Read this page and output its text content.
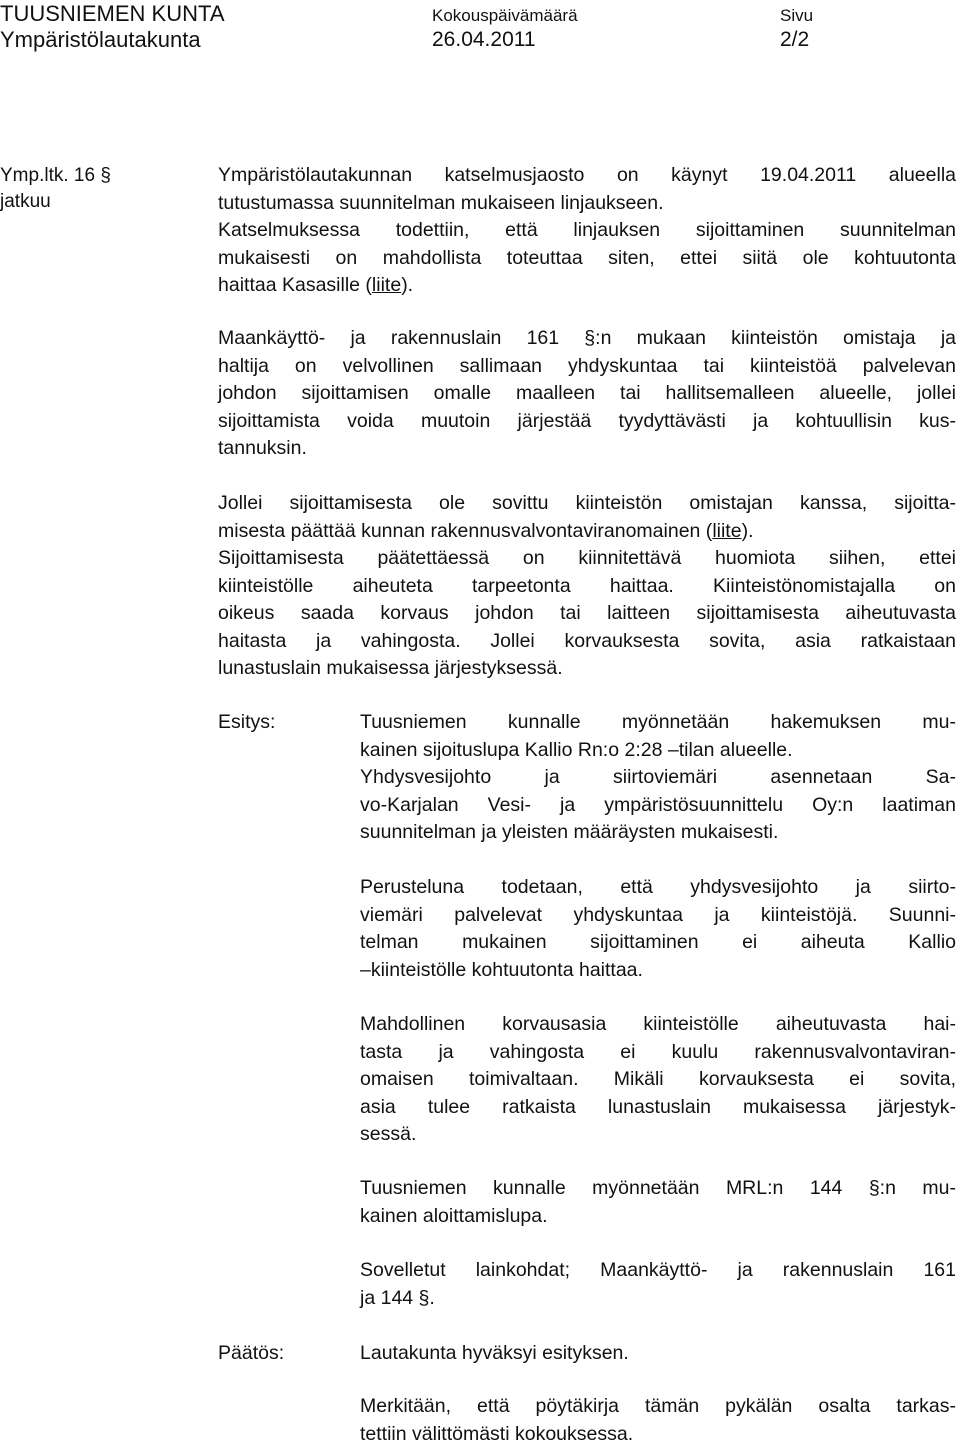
TUUSNIEMEN KUNTA
Ympäristölautakunta
Kokouspäivämäärä
26.04.2011
Sivu
2/2
Ymp.ltk. 16 §
jatkuu
Ympäristölautakunnan katselmusjaosto on käynyt 19.04.2011 alueella
tutustumassa suunnitelman mukaiseen linjaukseen.
Katselmuksessa todettiin, että linjauksen sijoittaminen suunnitelman
mukaisesti on mahdollista toteuttaa siten, ettei siitä ole kohtuutonta
haittaa Kasasille (liite).
Maankäyttö- ja rakennuslain 161 §:n mukaan kiinteistön omistaja ja
haltija on velvollinen sallimaan yhdyskuntaa tai kiinteistöä palvelevan
johdon sijoittamisen omalle maalleen tai hallitsemalleen alueelle, jollei
sijoittamista voida muutoin järjestää tyydyttävästi ja kohtuullisin kus-
tannuksin.
Jollei sijoittamisesta ole sovittu kiinteistön omistajan kanssa, sijoitta-
misesta päättää kunnan rakennusvalvontaviranomainen (liite).
Sijoittamisesta päätettäessä on kiinnitettävä huomiota siihen, ettei
kiinteistölle aiheuteta tarpeetonta haittaa. Kiinteistönomistajalla on
oikeus saada korvaus johdon tai laitteen sijoittamisesta aiheutuvasta
haitasta ja vahingosta. Jollei korvauksesta sovita, asia ratkaistaan
lunastuslain mukaisessa järjestyksessä.
Esitys:	Tuusniemen kunnalle myönnetään hakemuksen mu-
kainen sijoituslupa Kallio Rn:o 2:28 –tilan alueelle.
Yhdysvesijohto ja siirtoviemäri asennetaan Sa-
vo-Karjalan Vesi- ja ympäristösuunnittelu Oy:n laatiman
suunnitelman ja yleisten määräysten mukaisesti.
Perusteluna todetaan, että yhdysvesijohto ja siirto-
viemäri palvelevat yhdyskuntaa ja kiinteistöjä. Suunni-
telman mukainen sijoittaminen ei aiheuta Kallio
–kiinteistölle kohtuutonta haittaa.
Mahdollinen korvausasia kiinteistölle aiheutuvasta hai-
tasta ja vahingosta ei kuulu rakennusvalvontaviran-
omaisen toimivaltaan. Mikäli korvauksesta ei sovita,
asia tulee ratkaista lunastuslain mukaisessa järjestyk-
sessä.
Tuusniemen kunnalle myönnetään MRL:n 144 §:n mu-
kainen aloittamislupa.
Sovelletut lainkohdat; Maankäyttö- ja rakennuslain 161
ja 144 §.
Päätös:	Lautakunta hyväksyi esityksen.
Merkitään, että pöytäkirja tämän pykälän osalta tarkas-
tettiin välittömästi kokouksessa.
